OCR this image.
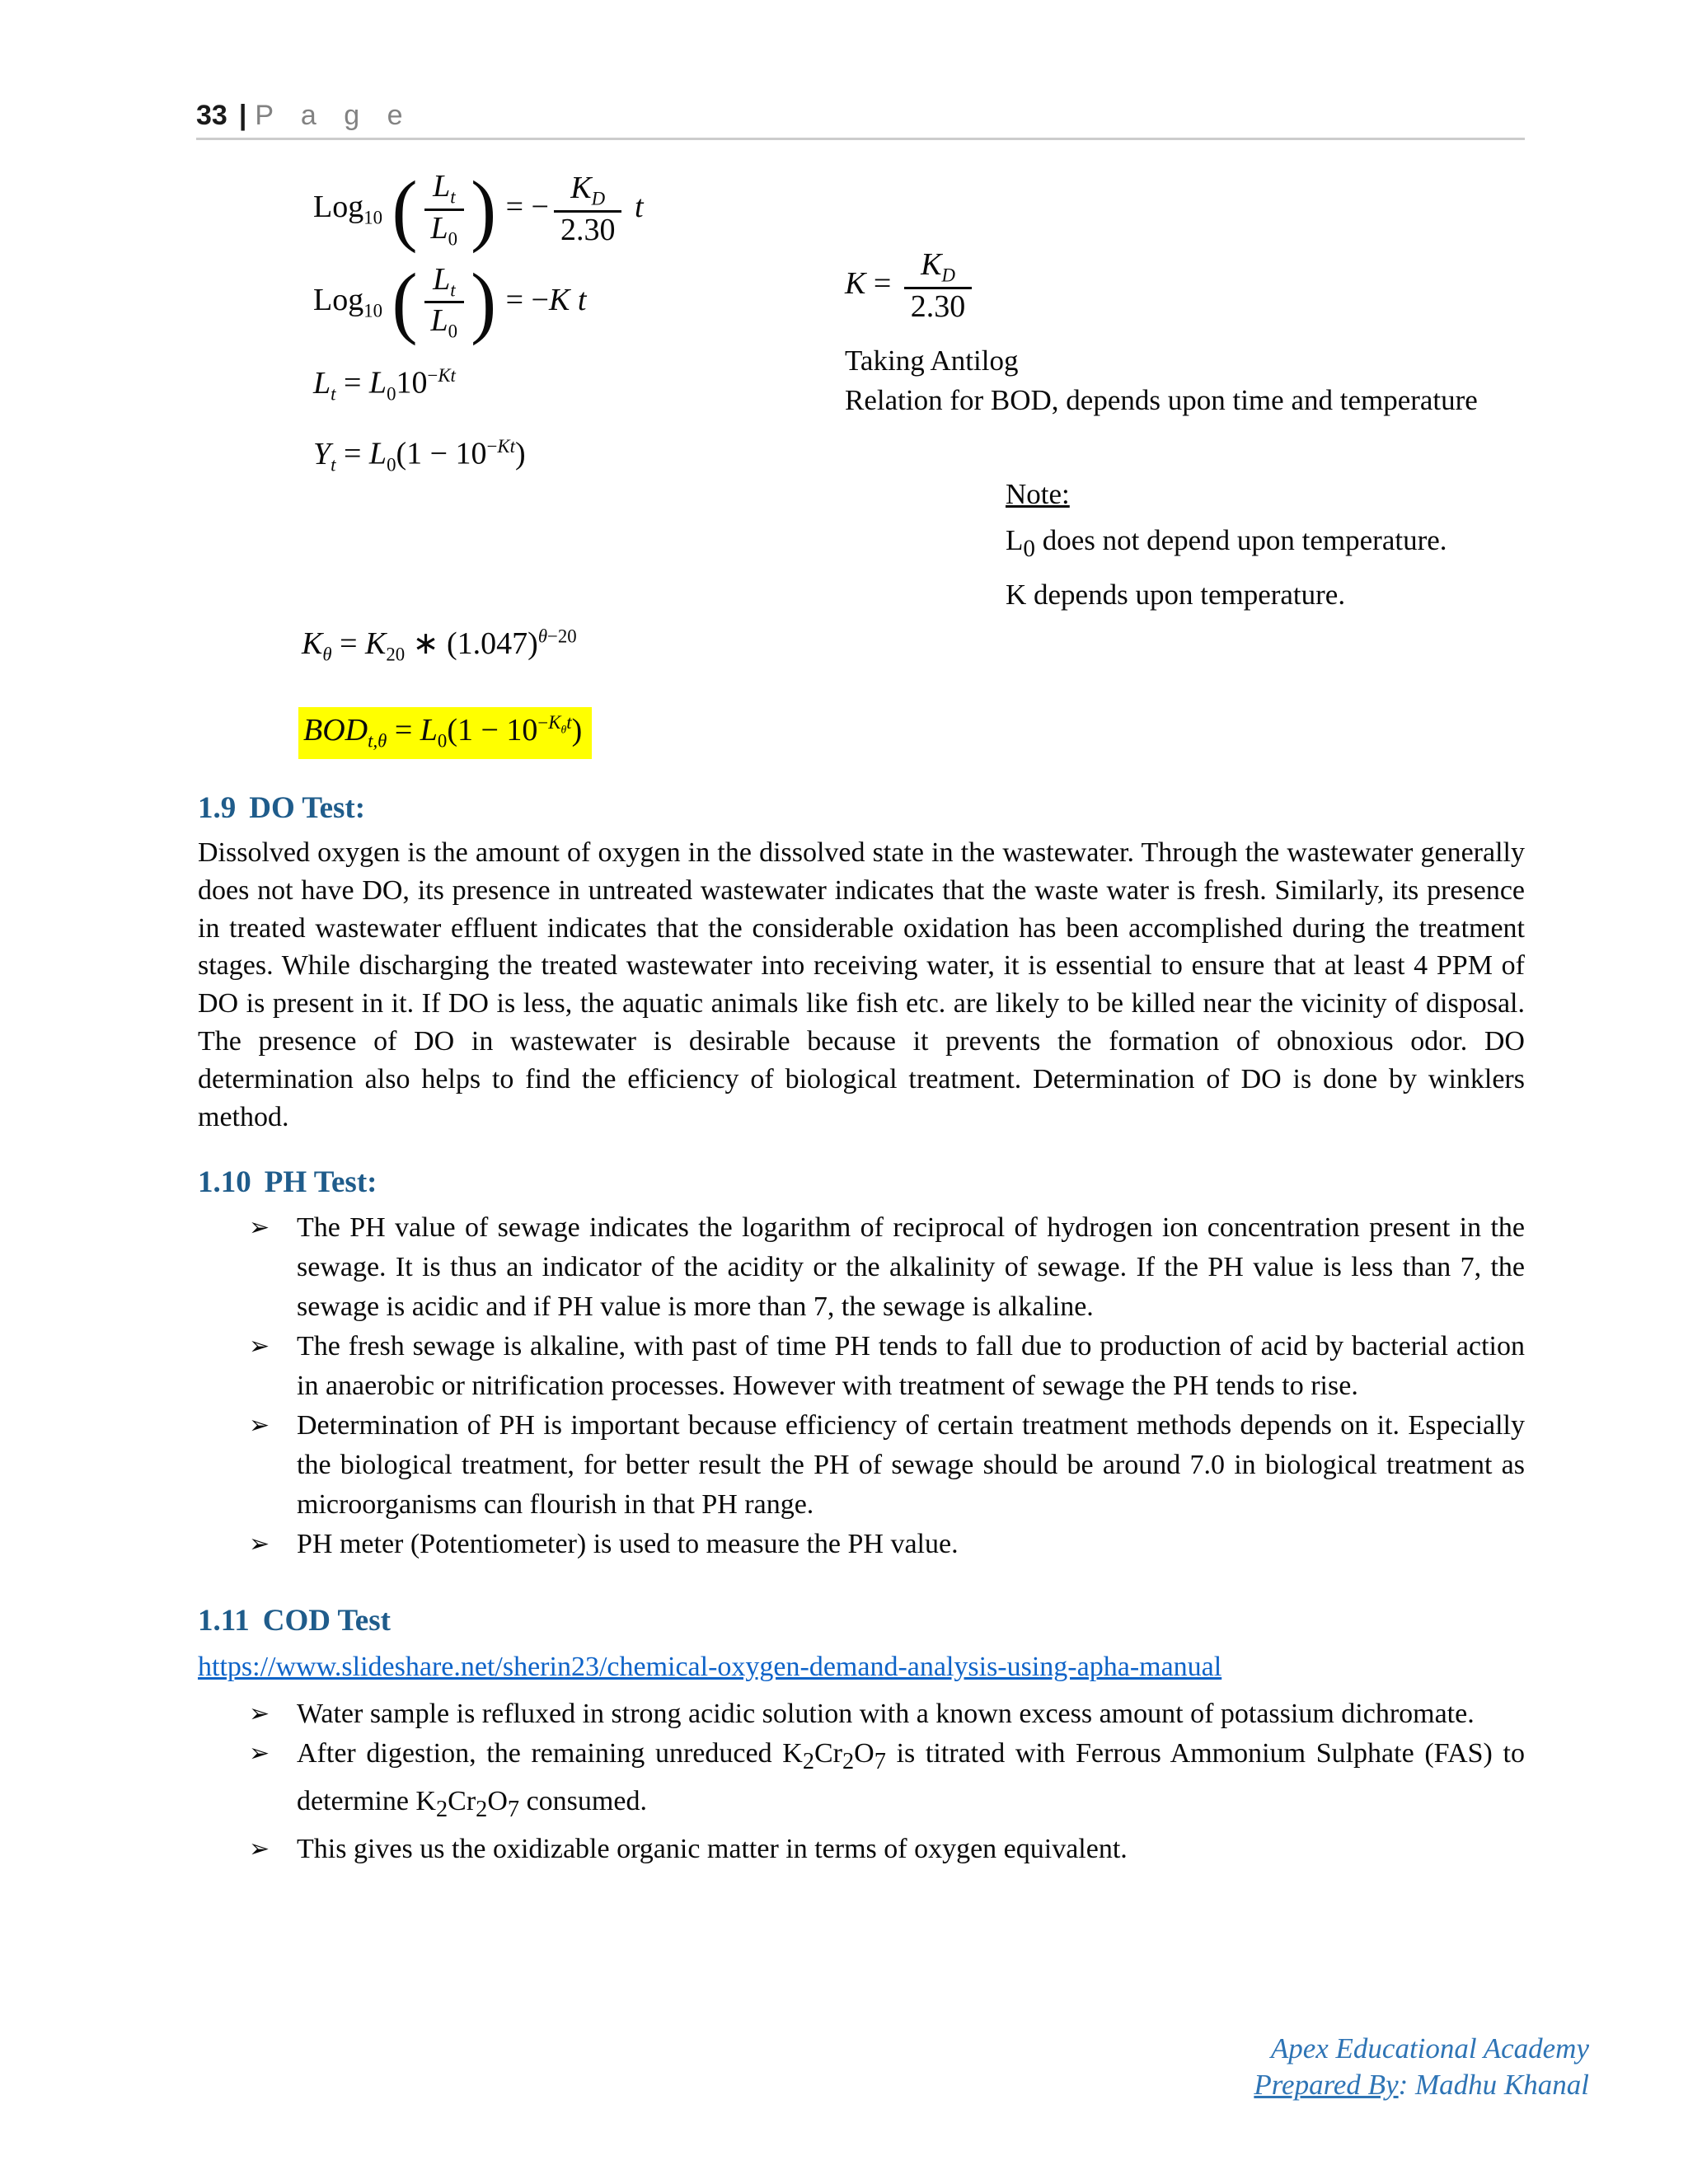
33 | P a g e
Log$_{10}$ ( $\frac{L_t}{L_0}$ ) = − $\frac{K_D}{2.30}$ t
Log$_{10}$ ( $\frac{L_t}{L_0}$ ) = −K t
$L_t = L_010^{-Kt}$
$Y_t = L_0(1 - 10^{-Kt})$
$K = \frac{K_D}{2.30}$
Taking Antilog
Relation for BOD, depends upon time and temperature
Note:
$L_0$ does not depend upon temperature.
K depends upon temperature.
$K_\theta = K_{20}$ ∗ $(1.047)^{\theta-20}$
$BOD_{t,\theta} = L_0(1 - 10^{-K_\theta t})$
1.9 DO Test:

Dissolved oxygen is the amount of oxygen in the dissolved state in the wastewater. Through the wastewater generally does not have DO, its presence in untreated wastewater indicates that the waste water is fresh. Similarly, its presence in treated wastewater effluent indicates that the considerable oxidation has been accomplished during the treatment stages. While discharging the treated wastewater into receiving water, it is essential to ensure that at least 4 PPM of DO is present in it. If DO is less, the aquatic animals like fish etc. are likely to be killed near the vicinity of disposal. The presence of DO in wastewater is desirable because it prevents the formation of obnoxious odor. DO determination also helps to find the efficiency of biological treatment. Determination of DO is done by winklers method.

1.10 PH Test:
➢ The PH value of sewage indicates the logarithm of reciprocal of hydrogen ion concentration present in the sewage. It is thus an indicator of the acidity or the alkalinity of sewage. If the PH value is less than 7, the sewage is acidic and if PH value is more than 7, the sewage is alkaline.
➢ The fresh sewage is alkaline, with past of time PH tends to fall due to production of acid by bacterial action in anaerobic or nitrification processes. However with treatment of sewage the PH tends to rise.
➢ Determination of PH is important because efficiency of certain treatment methods depends on it. Especially the biological treatment, for better result the PH of sewage should be around 7.0 in biological treatment as microorganisms can flourish in that PH range.
➢ PH meter (Potentiometer) is used to measure the PH value.
1.11 COD Test
https://www.slideshare.net/sherin23/chemical-oxygen-demand-analysis-using-apha-manual
➢ Water sample is refluxed in strong acidic solution with a known excess amount of potassium dichromate.
➢ After digestion, the remaining unreduced $K_2Cr_2O_7$ is titrated with Ferrous Ammonium Sulphate (FAS) to determine $K_2Cr_2O_7$ consumed.
➢ This gives us the oxidizable organic matter in terms of oxygen equivalent.
Apex Educational Academy
Prepared By: Madhu Khanal
